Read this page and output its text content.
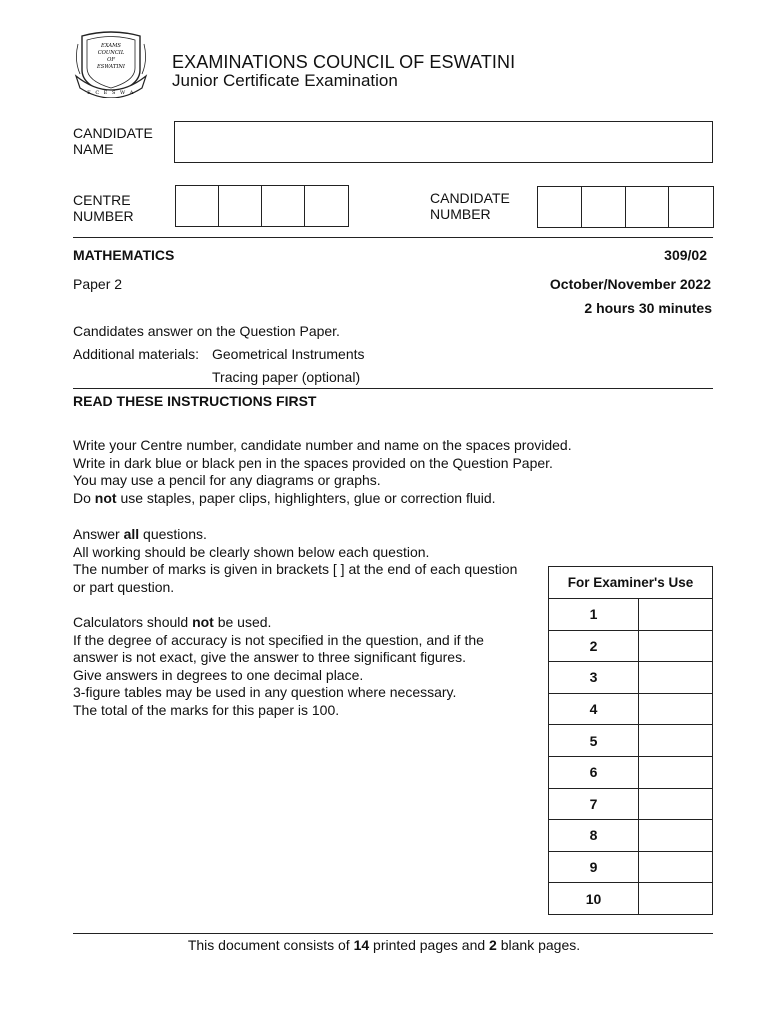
EXAMS
COUNCIL
OF
ESWATINI
E C E S W A
EXAMINATIONS COUNCIL OF ESWATINI
Junior Certificate Examination
CANDIDATE
NAME
CENTRE
NUMBER
CANDIDATE
NUMBER
MATHEMATICS	309/02
Paper 2	October/November 2022
2 hours 30 minutes
Candidates answer on the Question Paper.
Additional materials: Geometrical Instruments
Tracing paper (optional)
READ THESE INSTRUCTIONS FIRST
Write your Centre number, candidate number and name on the spaces provided.
Write in dark blue or black pen in the spaces provided on the Question Paper.
You may use a pencil for any diagrams or graphs.
Do not use staples, paper clips, highlighters, glue or correction fluid.
Answer all questions.
All working should be clearly shown below each question.
The number of marks is given in brackets [ ] at the end of each question
or part question.
Calculators should not be used.
If the degree of accuracy is not specified in the question, and if the
answer is not exact, give the answer to three significant figures.
Give answers in degrees to one decimal place.
3-figure tables may be used in any question where necessary.
The total of the marks for this paper is 100.
For Examiner's Use	
1	
2	
3	
4	
5	
6	
7	
8	
9	
10	
This document consists of 14 printed pages and 2 blank pages.
